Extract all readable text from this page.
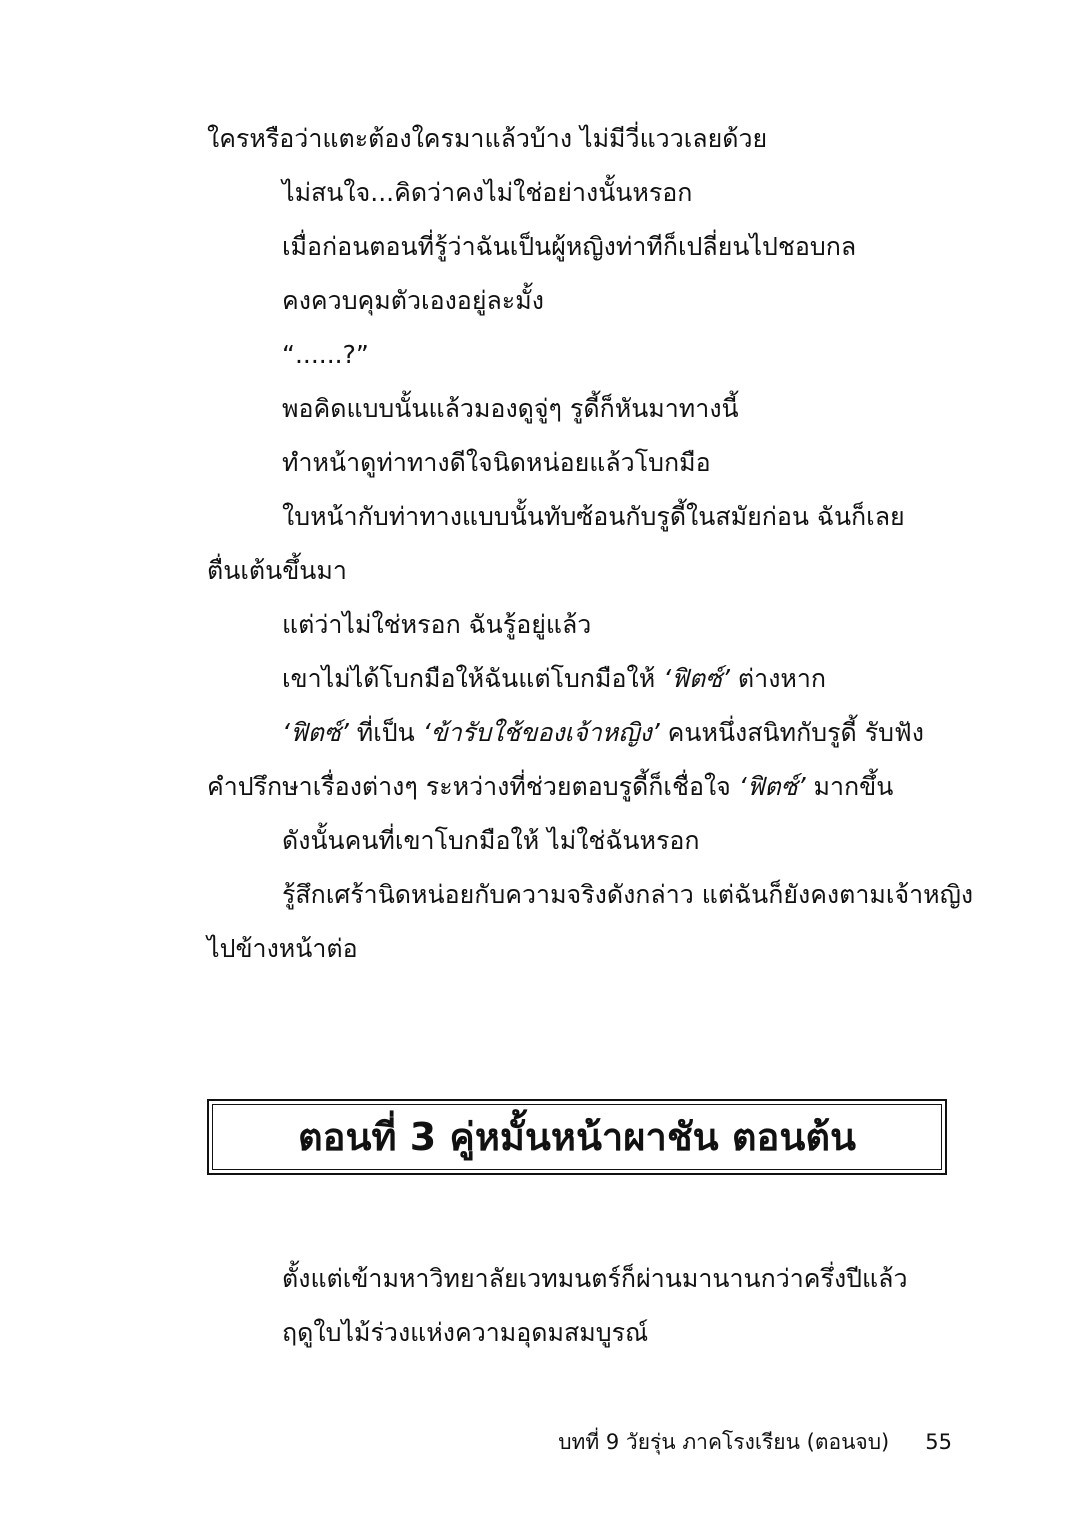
ใครหรือว่าแตะต้องใครมาแล้วบ้าง ไม่มีวี่แววเลยด้วย
ไม่สนใจ...คิดว่าคงไม่ใช่อย่างนั้นหรอก
เมื่อก่อนตอนที่รู้ว่าฉันเป็นผู้หญิงท่าทีก็เปลี่ยนไปชอบกล
คงควบคุมตัวเองอยู่ละมั้ง
“......?”
พอคิดแบบนั้นแล้วมองดูจู่ๆ รูดี้ก็หันมาทางนี้
ทำหน้าดูท่าทางดีใจนิดหน่อยแล้วโบกมือ
ใบหน้ากับท่าทางแบบนั้นทับซ้อนกับรูดี้ในสมัยก่อน ฉันก็เลย
ตื่นเต้นขึ้นมา
แต่ว่าไม่ใช่หรอก ฉันรู้อยู่แล้ว
เขาไม่ได้โบกมือให้ฉันแต่โบกมือให้ ‘ฟิตซ์’ ต่างหาก
‘ฟิตซ์’ ที่เป็น ‘ข้ารับใช้ของเจ้าหญิง’ คนหนึ่งสนิทกับรูดี้ รับฟัง
คำปรึกษาเรื่องต่างๆ ระหว่างที่ช่วยตอบรูดี้ก็เชื่อใจ ‘ฟิตซ์’ มากขึ้น
ดังนั้นคนที่เขาโบกมือให้ ไม่ใช่ฉันหรอก
รู้สึกเศร้านิดหน่อยกับความจริงดังกล่าว แต่ฉันก็ยังคงตามเจ้าหญิง
ไปข้างหน้าต่อ
ตอนที่ 3 คู่หมั้นหน้าผาชัน ตอนต้น
ตั้งแต่เข้ามหาวิทยาลัยเวทมนตร์ก็ผ่านมานานกว่าครึ่งปีแล้ว
ฤดูใบไม้ร่วงแห่งความอุดมสมบูรณ์
บทที่ 9 วัยรุ่น ภาคโรงเรียน (ตอนจบ) 55
